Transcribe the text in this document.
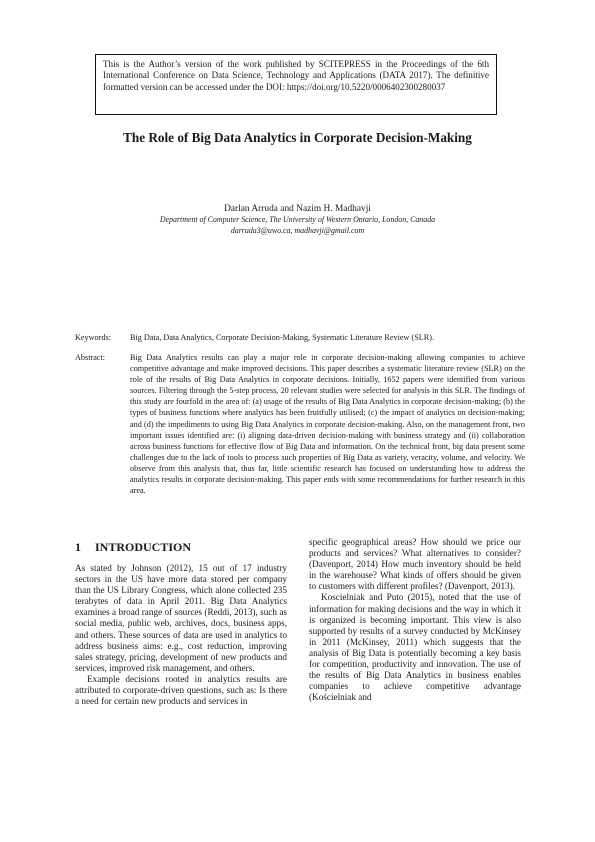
This is the Author’s version of the work published by SCITEPRESS in the Proceedings of the 6th International Conference on Data Science, Technology and Applications (DATA 2017). The definitive formatted version can be accessed under the DOI: https://doi.org/10.5220/0006402300280037
The Role of Big Data Analytics in Corporate Decision-Making
Darlan Arruda and Nazim H. Madhavji
Department of Computer Science, The University of Western Ontario, London, Canada
darruda3@uwo.ca, madhavji@gmail.com
Keywords: Big Data, Data Analytics, Corporate Decision-Making, Systematic Literature Review (SLR).
Abstract:	Big Data Analytics results can play a major role in corporate decision-making allowing companies to achieve competitive advantage and make improved decisions. This paper describes a systematic literature review (SLR) on the role of the results of Big Data Analytics in corporate decisions. Initially, 1652 papers were identified from various sources. Filtering through the 5-step process, 20 relevant studies were selected for analysis in this SLR. The findings of this study are fourfold in the area of: (a) usage of the results of Big Data Analytics in corporate decision-making; (b) the types of business functions where analytics has been fruitfully utilised; (c) the impact of analytics on decision-making; and (d) the impediments to using Big Data Analytics in corporate decision-making. Also, on the management front, two important issues identified are: (i) aligning data-driven decision-making with business strategy and (ii) collaboration across business functions for effective flow of Big Data and information. On the technical front, big data present some challenges due to the lack of tools to process such properties of Big Data as variety, veracity, volume, and velocity. We observe from this analysis that, thus far, little scientific research has focused on understanding how to address the analytics results in corporate decision-making. This paper ends with some recommendations for further research in this area.
1 INTRODUCTION

As stated by Johnson (2012), 15 out of 17 industry sectors in the US have more data stored per company than the US Library Congress, which alone collected 235 terabytes of data in April 2011. Big Data Analytics examines a broad range of sources (Reddi, 2013), such as social media, public web, archives, docs, business apps, and others. These sources of data are used in analytics to address business aims: e.g., cost reduction, improving sales strategy, pricing, development of new products and services, improved risk management, and others.

Example decisions rooted in analytics results are attributed to corporate-driven questions, such as: Is there a need for certain new products and services in

specific geographical areas? How should we price our products and services? What alternatives to consider? (Davenport, 2014) How much inventory should be held in the warehouse? What kinds of offers should be given to customers with different profiles? (Davenport, 2013).

Koscielniak and Puto (2015), noted that the use of information for making decisions and the way in which it is organized is becoming important. This view is also supported by results of a survey conducted by McKinsey in 2011 (McKinsey, 2011) which suggests that the analysis of Big Data is potentially becoming a key basis for competition, productivity and innovation. The use of the results of Big Data Analytics in business enables companies to achieve competitive advantage (Kościelniak and
